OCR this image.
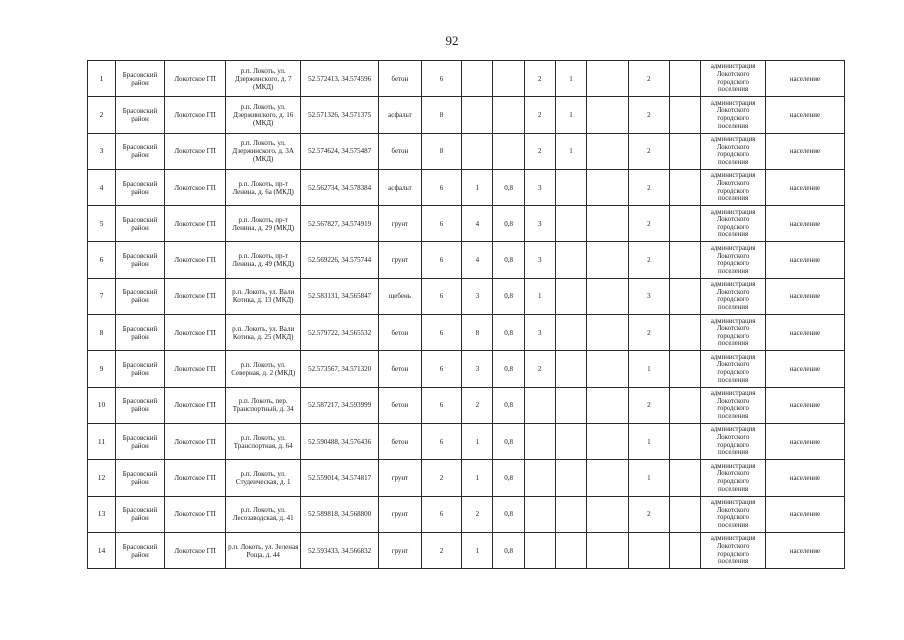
92
1	Брасовский район	Локотское ГП	р.п. Локоть, ул. Дзержинского, д. 7 (МКД)	52.572413, 34.574596	бетон	6			2	1		2		администрация Локотского городского поселения	население
2	Брасовский район	Локотское ГП	р.п. Локоть, ул. Дзержинского, д. 16 (МКД)	52.571326, 34.571375	асфальт	8			2	1		2		администрация Локотского городского поселения	население
3	Брасовский район	Локотское ГП	р.п. Локоть, ул. Дзержинского, д. 3А (МКД)	52.574624, 34.575487	бетон	8			2	1		2		администрация Локотского городского поселения	население
4	Брасовский район	Локотское ГП	р.п. Локоть, пр-т Ленина, д. 6а (МКД)	52.562734, 34.578384	асфальт	6	1	0,8	3			2		администрация Локотского городского поселения	население
5	Брасовский район	Локотское ГП	р.п. Локоть, пр-т Ленина, д. 29 (МКД)	52.567827, 34.574919	грунт	6	4	0,8	3			2		администрация Локотского городского поселения	население
6	Брасовский район	Локотское ГП	р.п. Локоть, пр-т Ленина, д. 49 (МКД)	52.569226, 34.575744	грунт	6	4	0,8	3			2		администрация Локотского городского поселения	население
7	Брасовский район	Локотское ГП	р.п. Локоть, ул. Вали Котика, д. 13 (МКД)	52.583131, 34.565847	щебень	6	3	0,8	1			3		администрация Локотского городского поселения	население
8	Брасовский район	Локотское ГП	р.п. Локоть, ул. Вали Котика, д. 25 (МКД)	52.579722, 34.565532	бетон	6	8	0,8	3			2		администрация Локотского городского поселения	население
9	Брасовский район	Локотское ГП	р.п. Локоть, ул. Северная, д. 2 (МКД)	52.573567, 34.571320	бетон	6	3	0,8	2			1		администрация Локотского городского поселения	население
10	Брасовский район	Локотское ГП	р.п. Локоть, пер. Транспортный, д. 34	52.587217, 34.593999	бетон	6	2	0,8				2		администрация Локотского городского поселения	население
11	Брасовский район	Локотское ГП	р.п. Локоть, ул. Транспортная, д. 64	52.590488, 34.576436	бетон	6	1	0,8				1		администрация Локотского городского поселения	население
12	Брасовский район	Локотское ГП	р.п. Локоть, ул. Студенческая, д. 1	52.559014, 34.574817	грунт	2	1	0,8				1		администрация Локотского городского поселения	население
13	Брасовский район	Локотское ГП	р.п. Локоть, ул. Лесозаводская, д. 41	52.589818, 34.568800	грунт	6	2	0,8				2		администрация Локотского городского поселения	население
14	Брасовский район	Локотское ГП	р.п. Локоть, ул. Зеленая Роща, д. 44	52.593433, 34.566832	грунт	2	1	0,8						администрация Локотского городского поселения	население
